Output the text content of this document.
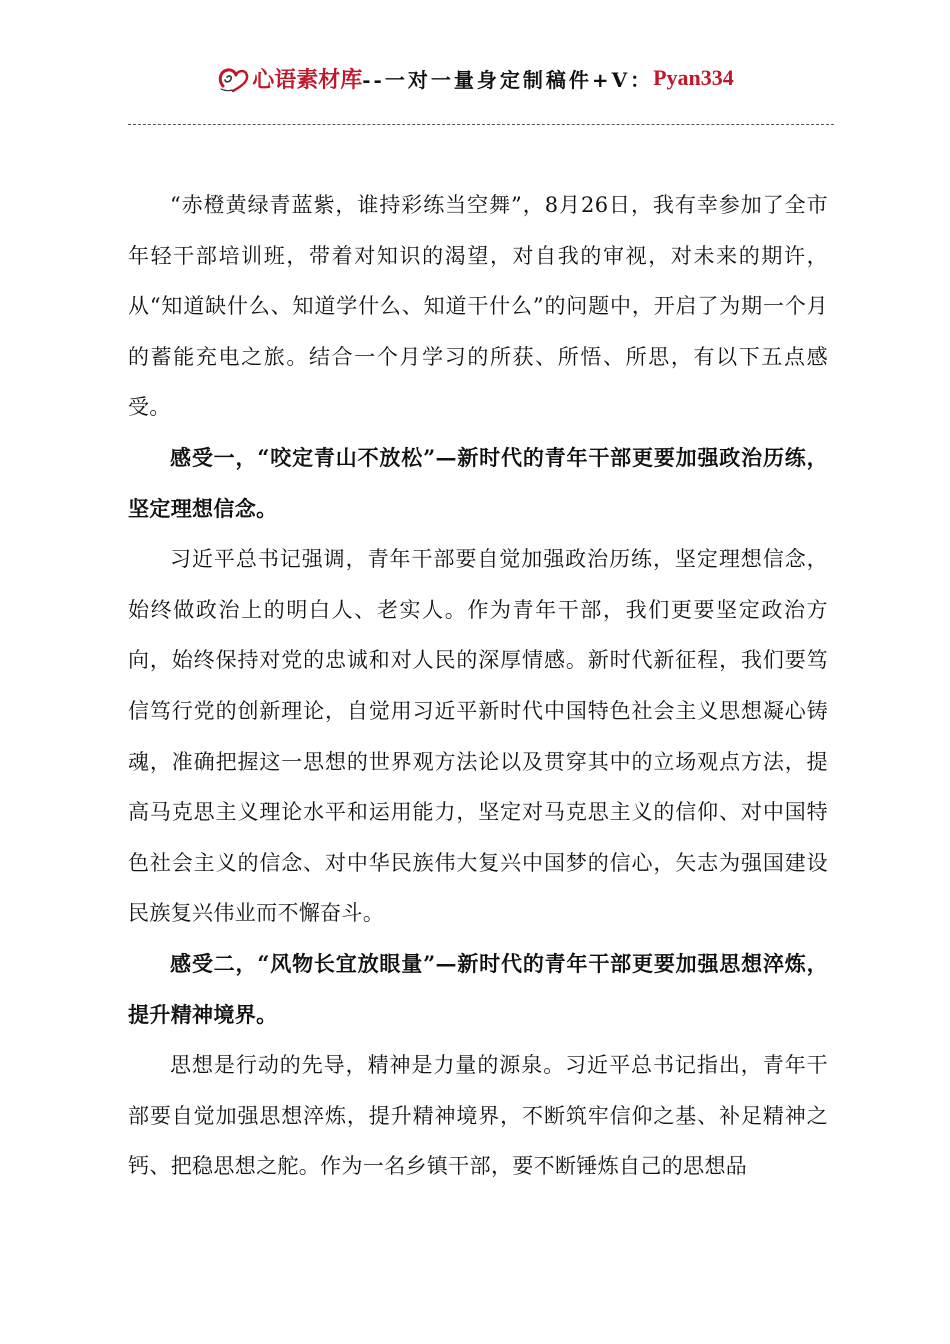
心语素材库 --一对一量身定制稿件+V： Pyan334

“赤橙黄绿青蓝紫，谁持彩练当空舞”，8月26日，我有幸参加了全市年轻干部培训班，带着对知识的渴望，对自我的审视，对未来的期许，从“知道缺什么、知道学什么、知道干什么”的问题中，开启了为期一个月的蓄能充电之旅。结合一个月学习的所获、所悟、所思，有以下五点感受。

感受一，“咬定青山不放松”—新时代的青年干部更要加强政治历练，坚定理想信念。

习近平总书记强调，青年干部要自觉加强政治历练，坚定理想信念，始终做政治上的明白人、老实人。作为青年干部，我们更要坚定政治方向，始终保持对党的忠诚和对人民的深厚情感。新时代新征程，我们要笃信笃行党的创新理论，自觉用习近平新时代中国特色社会主义思想凝心铸魂，准确把握这一思想的世界观方法论以及贯穿其中的立场观点方法，提高马克思主义理论水平和运用能力，坚定对马克思主义的信仰、对中国特色社会主义的信念、对中华民族伟大复兴中国梦的信心，矢志为强国建设民族复兴伟业而不懈奋斗。

感受二，“风物长宜放眼量”—新时代的青年干部更要加强思想淬炼，提升精神境界。

思想是行动的先导，精神是力量的源泉。习近平总书记指出，青年干部要自觉加强思想淬炼，提升精神境界，不断筑牢信仰之基、补足精神之钙、把稳思想之舵。作为一名乡镇干部，要不断锤炼自己的思想品
